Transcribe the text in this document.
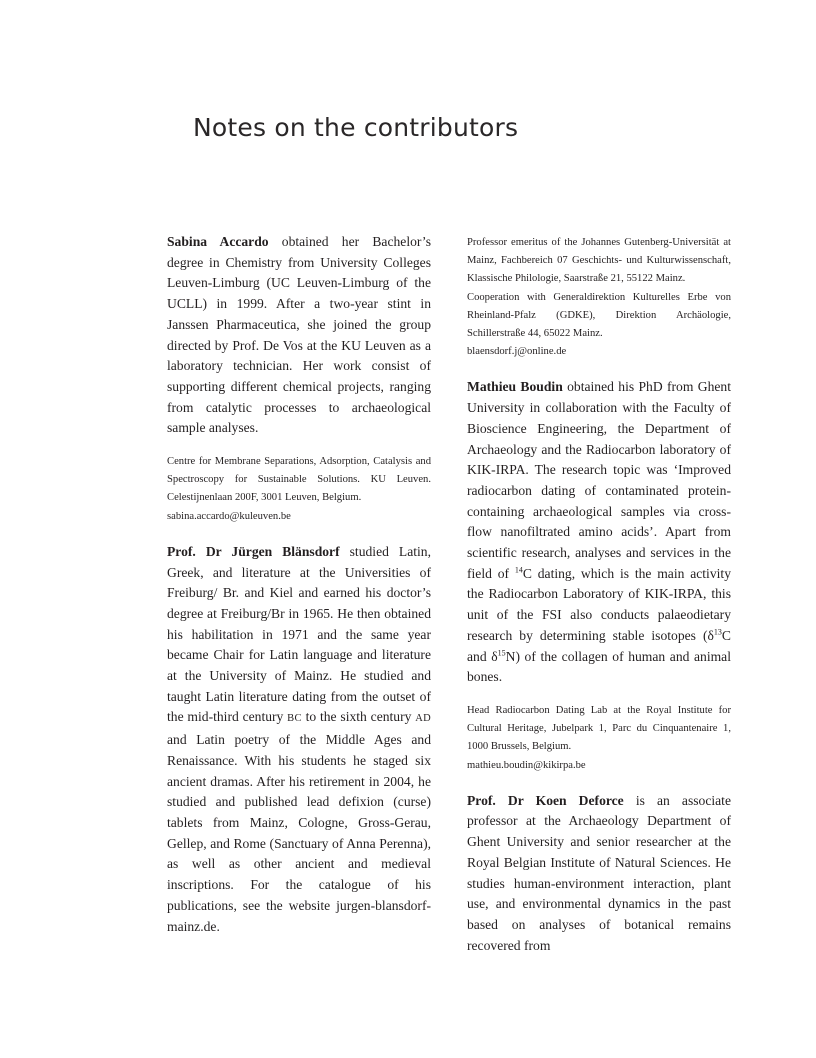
Notes on the contributors

Sabina Accardo obtained her Bachelor’s degree in Chemistry from University Colleges Leuven-Limburg (UC Leuven-Limburg of the UCLL) in 1999. After a two-year stint in Janssen Pharmaceutica, she joined the group directed by Prof. De Vos at the KU Leuven as a laboratory technician. Her work consist of supporting different chemical projects, ranging from catalytic processes to archaeological sample analyses.

Centre for Membrane Separations, Adsorption, Catalysis and Spectroscopy for Sustainable Solutions. KU Leuven. Celestijnenlaan 200F, 3001 Leuven, Belgium.
sabina.accardo@kuleuven.be

Prof. Dr Jürgen Blänsdorf studied Latin, Greek, and literature at the Universities of Freiburg/ Br. and Kiel and earned his doctor’s degree at Freiburg/Br in 1965. He then obtained his habilitation in 1971 and the same year became Chair for Latin language and literature at the University of Mainz. He studied and taught Latin literature dating from the outset of the mid-third century BC to the sixth century AD and Latin poetry of the Middle Ages and Renaissance. With his students he staged six ancient dramas. After his retirement in 2004, he studied and published lead defixion (curse) tablets from Mainz, Cologne, Gross-Gerau, Gellep, and Rome (Sanctuary of Anna Perenna), as well as other ancient and medieval inscriptions. For the catalogue of his publications, see the website jurgen-blansdorf-mainz.de.

Professor emeritus of the Johannes Gutenberg-Universität at Mainz, Fachbereich 07 Geschichts- und Kulturwissenschaft, Klassische Philologie, Saarstraße 21, 55122 Mainz.
Cooperation with Generaldirektion Kulturelles Erbe von Rheinland-Pfalz (GDKE), Direktion Archäologie, Schillerstraße 44, 65022 Mainz.
blaensdorf.j@online.de

Mathieu Boudin obtained his PhD from Ghent University in collaboration with the Faculty of Bioscience Engineering, the Department of Archaeology and the Radiocarbon laboratory of KIK-IRPA. The research topic was ‘Improved radiocarbon dating of contaminated protein-containing archaeological samples via cross-flow nanofiltrated amino acids’. Apart from scientific research, analyses and services in the field of $^{14}$C dating, which is the main activity the Radiocarbon Laboratory of KIK-IRPA, this unit of the FSI also conducts palaeodietary research by determining stable isotopes ($\delta^{13}C$ and $\delta^{15}N$) of the collagen of human and animal bones.

Head Radiocarbon Dating Lab at the Royal Institute for Cultural Heritage, Jubelpark 1, Parc du Cinquantenaire 1, 1000 Brussels, Belgium.
mathieu.boudin@kikirpa.be

Prof. Dr Koen Deforce is an associate professor at the Archaeology Department of Ghent University and senior researcher at the Royal Belgian Institute of Natural Sciences. He studies human-environment interaction, plant use, and environmental dynamics in the past based on analyses of botanical remains recovered from
